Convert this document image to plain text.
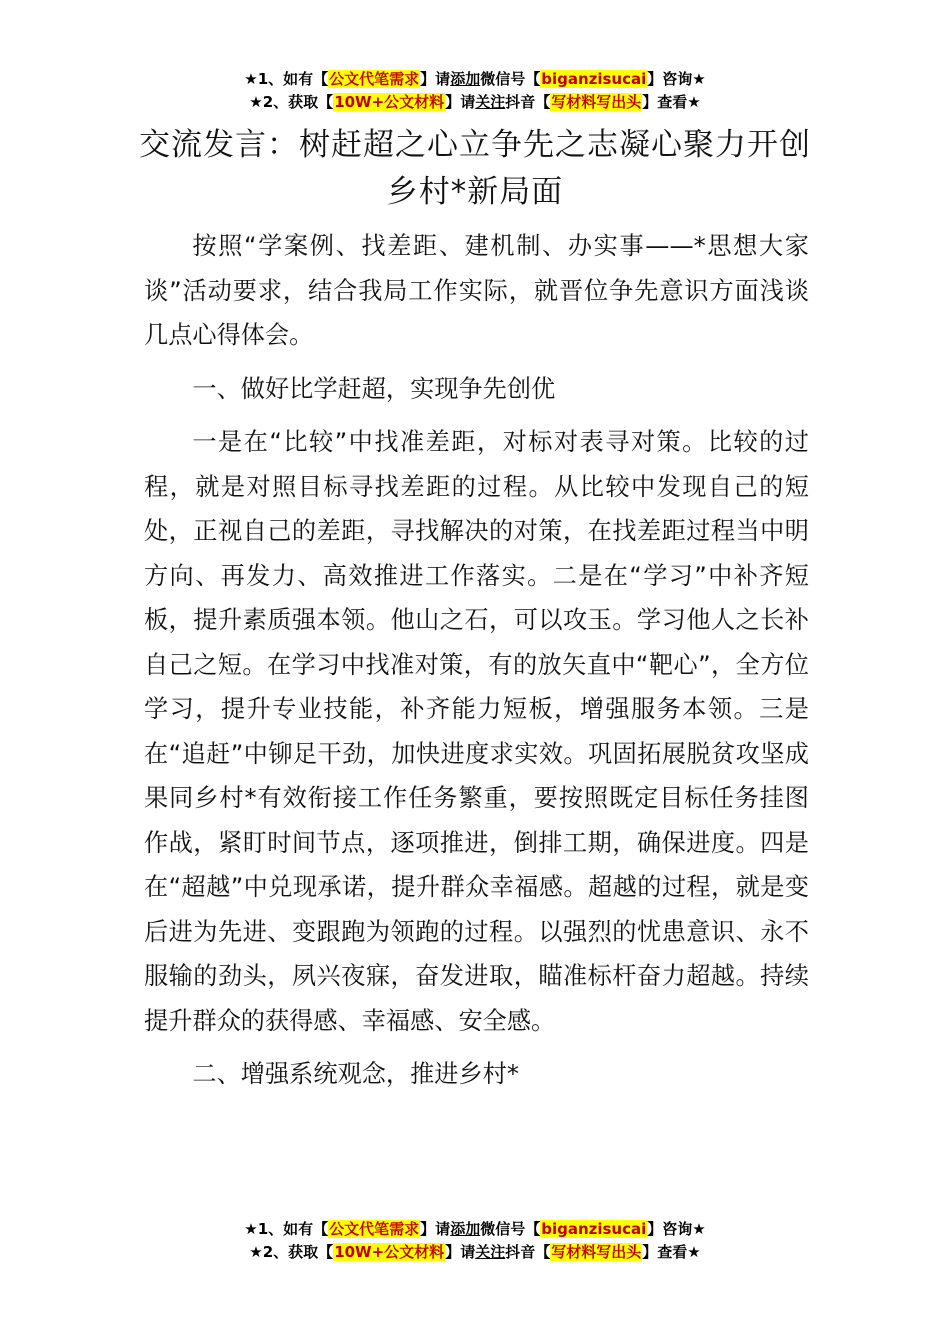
★1、如有【公文代笔需求】请添加微信号【biganzisucai】咨询★
★2、获取【10W+公文材料】请关注抖音【写材料写出头】查看★
交流发言：树赶超之心立争先之志凝心聚力开创乡村*新局面

按照“学案例、找差距、建机制、办实事——*思想大家谈”活动要求，结合我局工作实际，就晋位争先意识方面浅谈几点心得体会。

一、做好比学赶超，实现争先创优

一是在“比较”中找准差距，对标对表寻对策。比较的过程，就是对照目标寻找差距的过程。从比较中发现自己的短处，正视自己的差距，寻找解决的对策，在找差距过程当中明方向、再发力、高效推进工作落实。二是在“学习”中补齐短板，提升素质强本领。他山之石，可以攻玉。学习他人之长补自己之短。在学习中找准对策，有的放矢直中“靶心”，全方位学习，提升专业技能，补齐能力短板，增强服务本领。三是在“追赶”中铆足干劲，加快进度求实效。巩固拓展脱贫攻坚成果同乡村*有效衔接工作任务繁重，要按照既定目标任务挂图作战，紧盯时间节点，逐项推进，倒排工期，确保进度。四是在“超越”中兑现承诺，提升群众幸福感。超越的过程，就是变后进为先进、变跟跑为领跑的过程。以强烈的忧患意识、永不服输的劲头，夙兴夜寐，奋发进取，瞄准标杆奋力超越。持续提升群众的获得感、幸福感、安全感。

二、增强系统观念，推进乡村*

★1、如有【公文代笔需求】请添加微信号【biganzisucai】咨询★
★2、获取【10W+公文材料】请关注抖音【写材料写出头】查看★
